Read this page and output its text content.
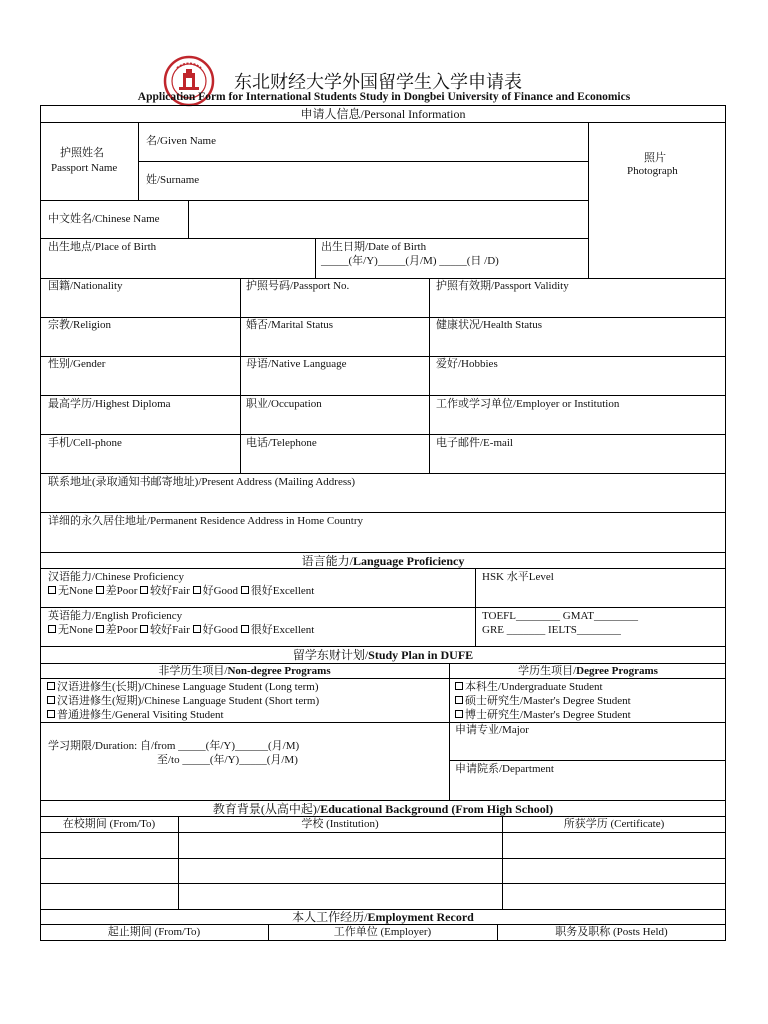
东北财经大学外国留学生入学申请表
Application Form for International Students Study in Dongbei University of Finance and Economics
申请人信息/Personal Information
护照姓名
Passport Name
名/Given Name
姓/Surname
照片
Photograph
中文姓名/Chinese Name
出生地点/Place of Birth	出生日期/Date of Birth
_____(年/Y)_____(月/M) _____(日 /D)
国籍/Nationality	护照号码/Passport No.	护照有效期/Passport Validity
宗教/Religion	婚否/Marital Status	健康状况/Health Status
性别/Gender	母语/Native Language	爱好/Hobbies
最高学历/Highest Diploma	职业/Occupation	工作或学习单位/Employer or Institution
手机/Cell-phone	电话/Telephone	电子邮件/E-mail
联系地址(录取通知书邮寄地址)/Present Address (Mailing Address)
详细的永久居住地址/Permanent Residence Address in Home Country
语言能力/Language Proficiency
汉语能力/Chinese Proficiency
无None 差Poor 较好Fair 好Good 很好Excellent
HSK 水平Level
英语能力/English Proficiency
无None 差Poor 较好Fair 好Good 很好Excellent
TOEFL________ GMAT________
GRE _______ IELTS________
留学东财计划/Study Plan in DUFE
非学历生项目/Non-degree Programs	学历生项目/Degree Programs
汉语进修生(长期)/Chinese Language Student (Long term)
汉语进修生(短期)/Chinese Language Student (Short term)
普通进修生/General Visiting Student
学习期限/Duration: 自/from _____(年/Y)______(月/M)
至/to _____(年/Y)_____(月/M)
本科生/Undergraduate Student
硕士研究生/Master's Degree Student
博士研究生/Master's Degree Student
申请专业/Major
申请院系/Department
教育背景(从高中起)/Educational Background (From High School)
在校期间 (From/To)	学校 (Institution)	所获学历 (Certificate)
本人工作经历/Employment Record
起止期间 (From/To)	工作单位 (Employer)	职务及职称 (Posts Held)
